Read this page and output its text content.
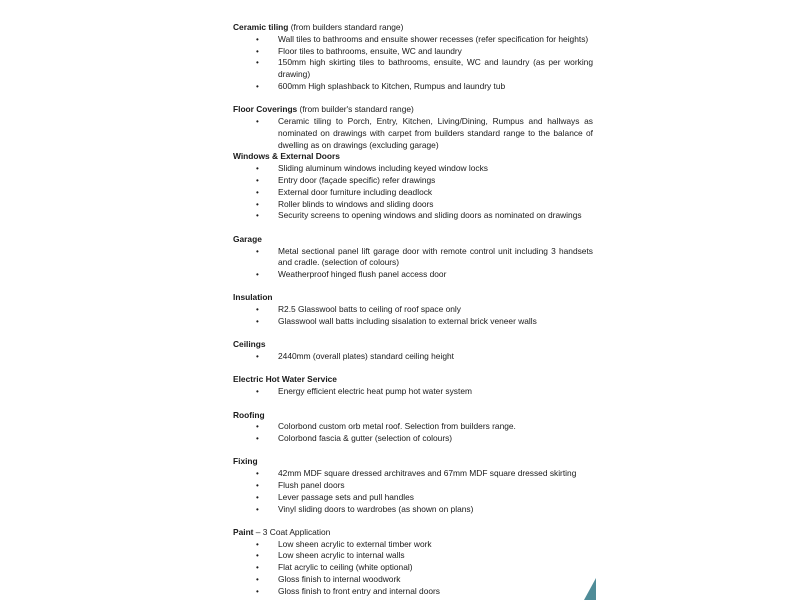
Ceramic tiling (from builders standard range)
• Wall tiles to bathrooms and ensuite shower recesses (refer specification for heights)
• Floor tiles to bathrooms, ensuite, WC and laundry
• 150mm high skirting tiles to bathrooms, ensuite, WC and laundry (as per working drawing)
• 600mm High splashback to Kitchen, Rumpus and laundry tub
Floor Coverings (from builder's standard range)
• Ceramic tiling to Porch, Entry, Kitchen, Living/Dining, Rumpus and hallways as nominated on drawings with carpet from builders standard range to the balance of dwelling as on drawings (excluding garage)
Windows & External Doors
• Sliding aluminum windows including keyed window locks
• Entry door (façade specific) refer drawings
• External door furniture including deadlock
• Roller blinds to windows and sliding doors
• Security screens to opening windows and sliding doors as nominated on drawings
Garage
• Metal sectional panel lift garage door with remote control unit including 3 handsets and cradle. (selection of colours)
• Weatherproof hinged flush panel access door
Insulation
• R2.5 Glasswool batts to ceiling of roof space only
• Glasswool wall batts including sisalation to external brick veneer walls
Ceilings
• 2440mm (overall plates) standard ceiling height
Electric Hot Water Service
• Energy efficient electric heat pump hot water system
Roofing
• Colorbond custom orb metal roof. Selection from builders range.
• Colorbond fascia & gutter (selection of colours)
Fixing
• 42mm MDF square dressed architraves and 67mm MDF square dressed skirting
• Flush panel doors
• Lever passage sets and pull handles
• Vinyl sliding doors to wardrobes (as shown on plans)
Paint – 3 Coat Application
• Low sheen acrylic to external timber work
• Low sheen acrylic to internal walls
• Flat acrylic to ceiling (white optional)
• Gloss finish to internal woodwork
• Gloss finish to front entry and internal doors
